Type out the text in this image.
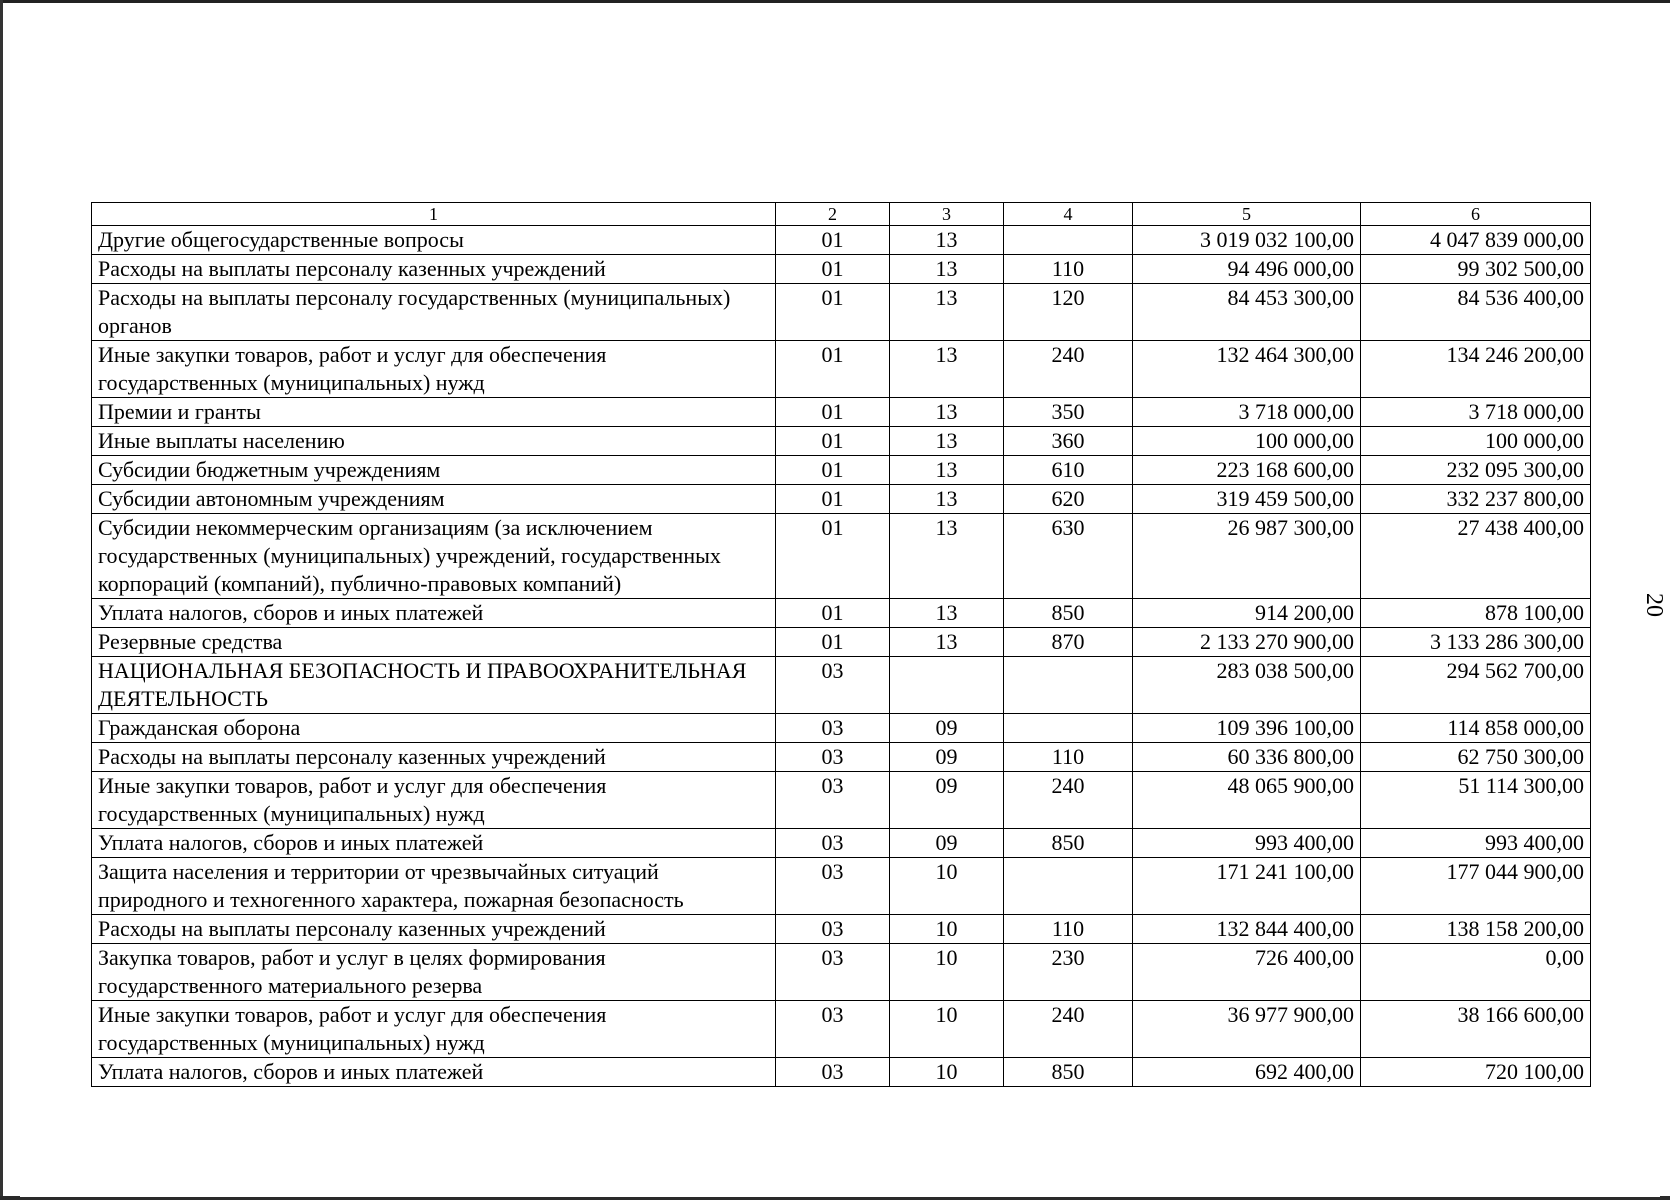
20
1	2	3	4	5	6
Другие общегосударственные вопросы	01	13		3 019 032 100,00	4 047 839 000,00
Расходы на выплаты персоналу казенных учреждений	01	13	110	94 496 000,00	99 302 500,00
Расходы на выплаты персоналу государственных (муниципальных) органов	01	13	120	84 453 300,00	84 536 400,00
Иные закупки товаров, работ и услуг для обеспечения государственных (муниципальных) нужд	01	13	240	132 464 300,00	134 246 200,00
Премии и гранты	01	13	350	3 718 000,00	3 718 000,00
Иные выплаты населению	01	13	360	100 000,00	100 000,00
Субсидии бюджетным учреждениям	01	13	610	223 168 600,00	232 095 300,00
Субсидии автономным учреждениям	01	13	620	319 459 500,00	332 237 800,00
Субсидии некоммерческим организациям (за исключением государственных (муниципальных) учреждений, государственных корпораций (компаний), публично-правовых компаний)	01	13	630	26 987 300,00	27 438 400,00
Уплата налогов, сборов и иных платежей	01	13	850	914 200,00	878 100,00
Резервные средства	01	13	870	2 133 270 900,00	3 133 286 300,00
НАЦИОНАЛЬНАЯ БЕЗОПАСНОСТЬ И ПРАВООХРАНИТЕЛЬНАЯ ДЕЯТЕЛЬНОСТЬ	03			283 038 500,00	294 562 700,00
Гражданская оборона	03	09		109 396 100,00	114 858 000,00
Расходы на выплаты персоналу казенных учреждений	03	09	110	60 336 800,00	62 750 300,00
Иные закупки товаров, работ и услуг для обеспечения государственных (муниципальных) нужд	03	09	240	48 065 900,00	51 114 300,00
Уплата налогов, сборов и иных платежей	03	09	850	993 400,00	993 400,00
Защита населения и территории от чрезвычайных ситуаций природного и техногенного характера, пожарная безопасность	03	10		171 241 100,00	177 044 900,00
Расходы на выплаты персоналу казенных учреждений	03	10	110	132 844 400,00	138 158 200,00
Закупка товаров, работ и услуг в целях формирования государственного материального резерва	03	10	230	726 400,00	0,00
Иные закупки товаров, работ и услуг для обеспечения государственных (муниципальных) нужд	03	10	240	36 977 900,00	38 166 600,00
Уплата налогов, сборов и иных платежей	03	10	850	692 400,00	720 100,00
